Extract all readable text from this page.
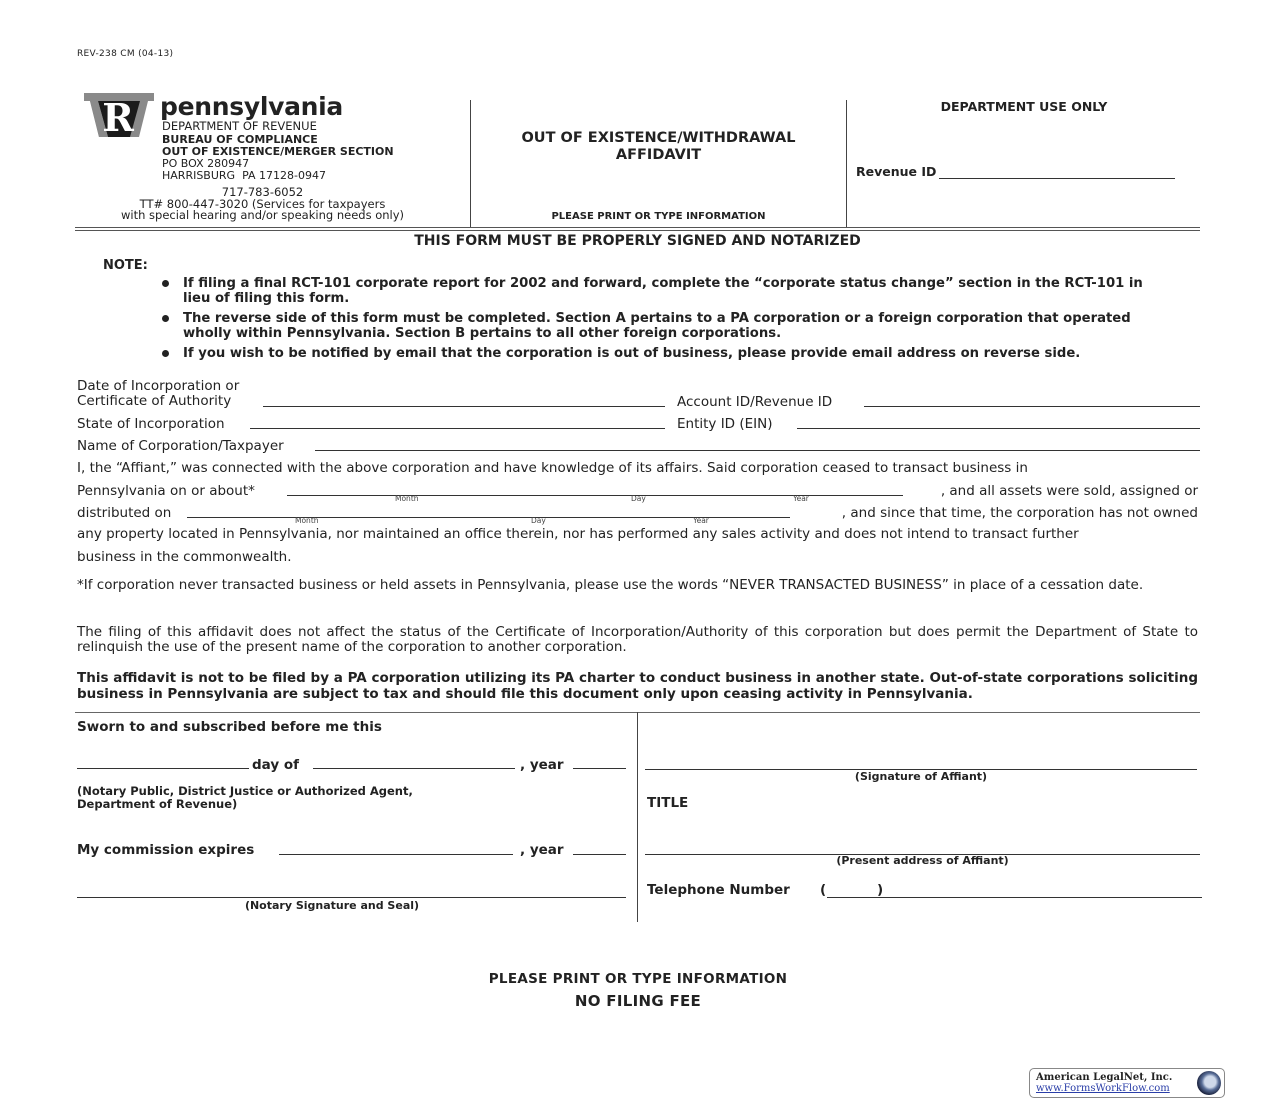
REV-238 CM (04-13)
R pennsylvania
DEPARTMENT OF REVENUE
BUREAU OF COMPLIANCE
OUT OF EXISTENCE/MERGER SECTION
PO BOX 280947
HARRISBURG  PA 17128-0947
717-783-6052
TT# 800-447-3020 (Services for taxpayers
with special hearing and/or speaking needs only)
OUT OF EXISTENCE/WITHDRAWAL
AFFIDAVIT
PLEASE PRINT OR TYPE INFORMATION
DEPARTMENT USE ONLY
Revenue ID
THIS FORM MUST BE PROPERLY SIGNED AND NOTARIZED
NOTE:
If filing a final RCT-101 corporate report for 2002 and forward, complete the “corporate status change” section in the RCT-101 in lieu of filing this form.
The reverse side of this form must be completed. Section A pertains to a PA corporation or a foreign corporation that operated wholly within Pennsylvania. Section B pertains to all other foreign corporations.
If you wish to be notified by email that the corporation is out of business, please provide email address on reverse side.
Date of Incorporation or
Certificate of Authority	Account ID/Revenue ID
State of Incorporation	Entity ID (EIN)
Name of Corporation/Taxpayer
I, the “Affiant,” was connected with the above corporation and have knowledge of its affairs. Said corporation ceased to transact business in
Pennsylvania on or about*	Month	Day	Year	, and all assets were sold, assigned or
distributed on	Month	Day	Year	, and since that time, the corporation has not owned
any property located in Pennsylvania, nor maintained an office therein, nor has performed any sales activity and does not intend to transact further
business in the commonwealth.
*If corporation never transacted business or held assets in Pennsylvania, please use the words “NEVER TRANSACTED BUSINESS” in place of a cessation date.
The filing of this affidavit does not affect the status of the Certificate of Incorporation/Authority of this corporation but does permit the Department of State to relinquish the use of the present name of the corporation to another corporation.
This affidavit is not to be filed by a PA corporation utilizing its PA charter to conduct business in another state. Out-of-state corporations soliciting business in Pennsylvania are subject to tax and should file this document only upon ceasing activity in Pennsylvania.
Sworn to and subscribed before me this
day of	, year
(Notary Public, District Justice or Authorized Agent,
Department of Revenue)
My commission expires	, year
(Notary Signature and Seal)
(Signature of Affiant)
TITLE
(Present address of Affiant)
Telephone Number (	)
PLEASE PRINT OR TYPE INFORMATION
NO FILING FEE
American LegalNet, Inc.
www.FormsWorkFlow.com
